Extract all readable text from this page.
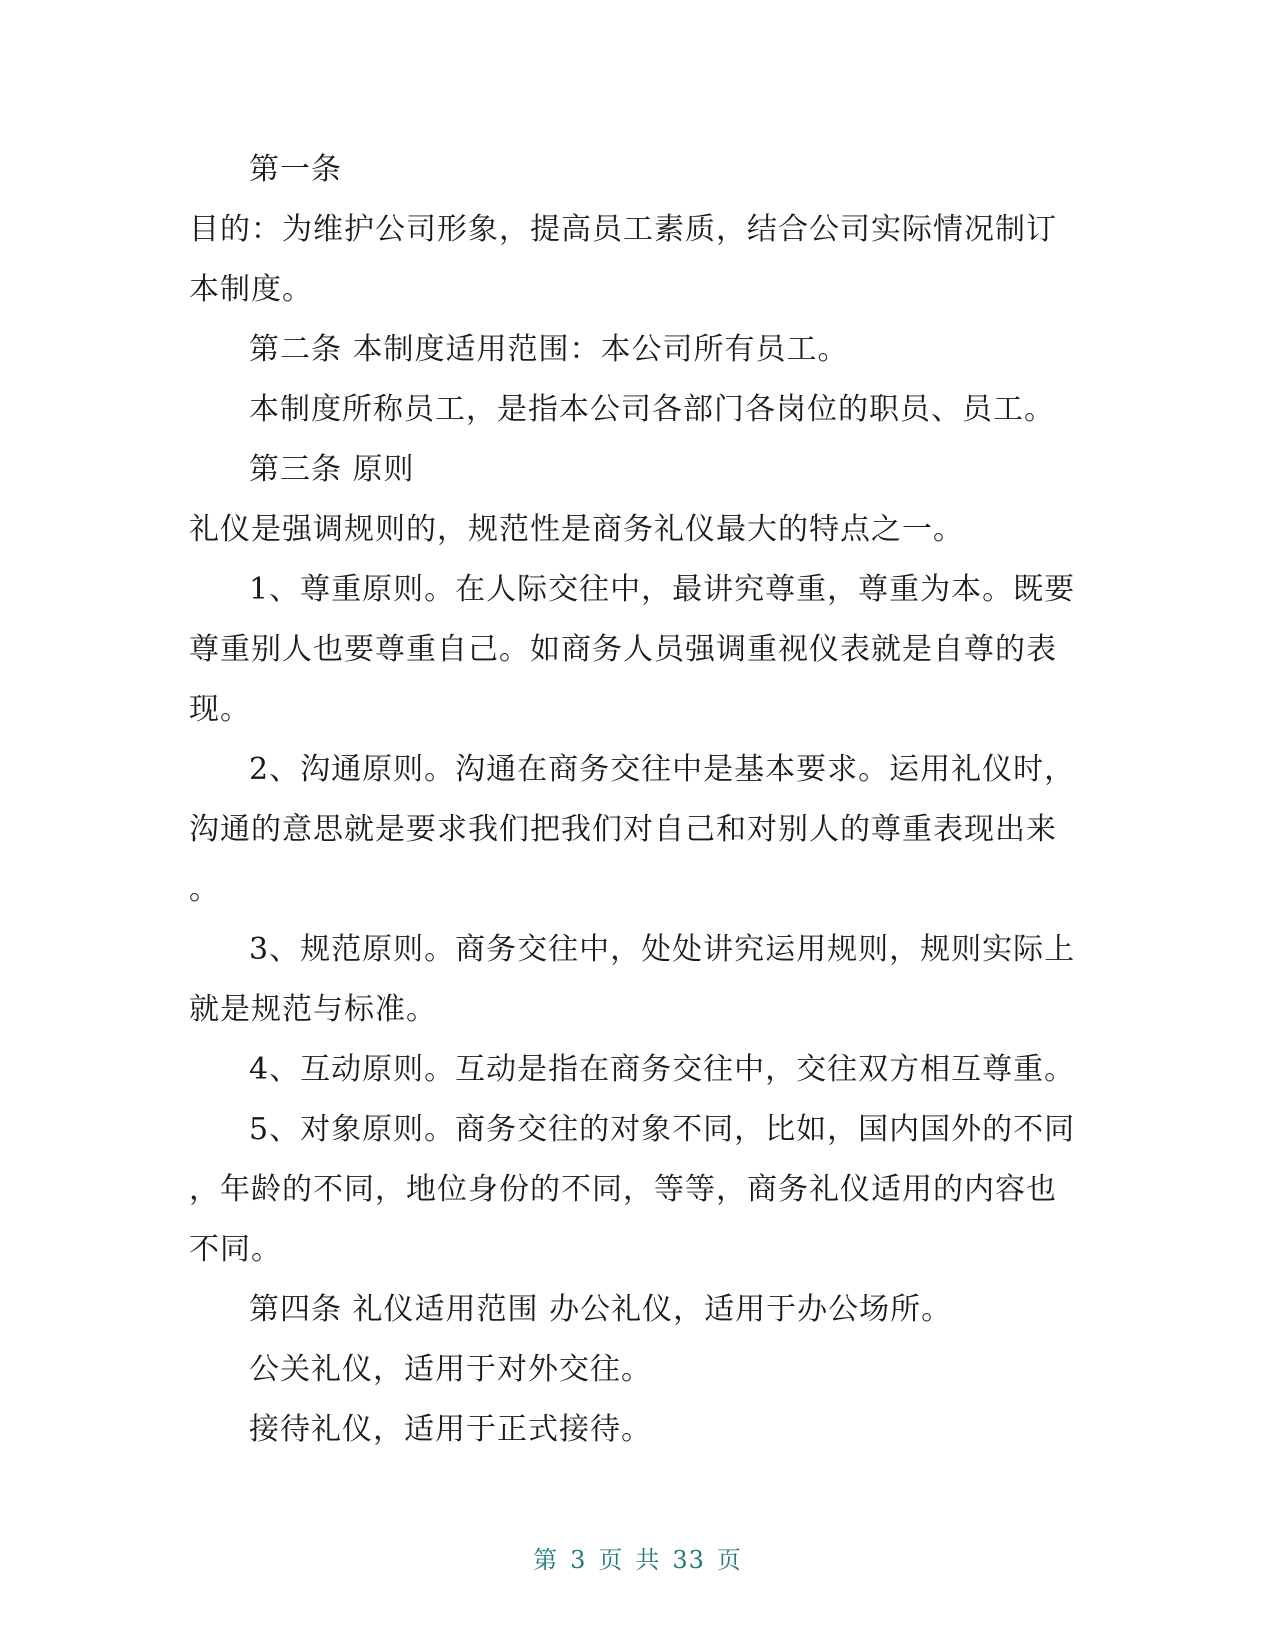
第一条
目的：为维护公司形象，提高员工素质，结合公司实际情况制订
本制度。
第二条 本制度适用范围：本公司所有员工。
本制度所称员工，是指本公司各部门各岗位的职员、员工。
第三条 原则
礼仪是强调规则的，规范性是商务礼仪最大的特点之一。
1、尊重原则。在人际交往中，最讲究尊重，尊重为本。既要
尊重别人也要尊重自己。如商务人员强调重视仪表就是自尊的表
现。
2、沟通原则。沟通在商务交往中是基本要求。运用礼仪时，
沟通的意思就是要求我们把我们对自己和对别人的尊重表现出来
。
3、规范原则。商务交往中，处处讲究运用规则，规则实际上
就是规范与标准。
4、互动原则。互动是指在商务交往中，交往双方相互尊重。
5、对象原则。商务交往的对象不同，比如，国内国外的不同
，年龄的不同，地位身份的不同，等等，商务礼仪适用的内容也
不同。
第四条 礼仪适用范围 办公礼仪，适用于办公场所。
公关礼仪，适用于对外交往。
接待礼仪，适用于正式接待。
第 3 页 共 33 页
